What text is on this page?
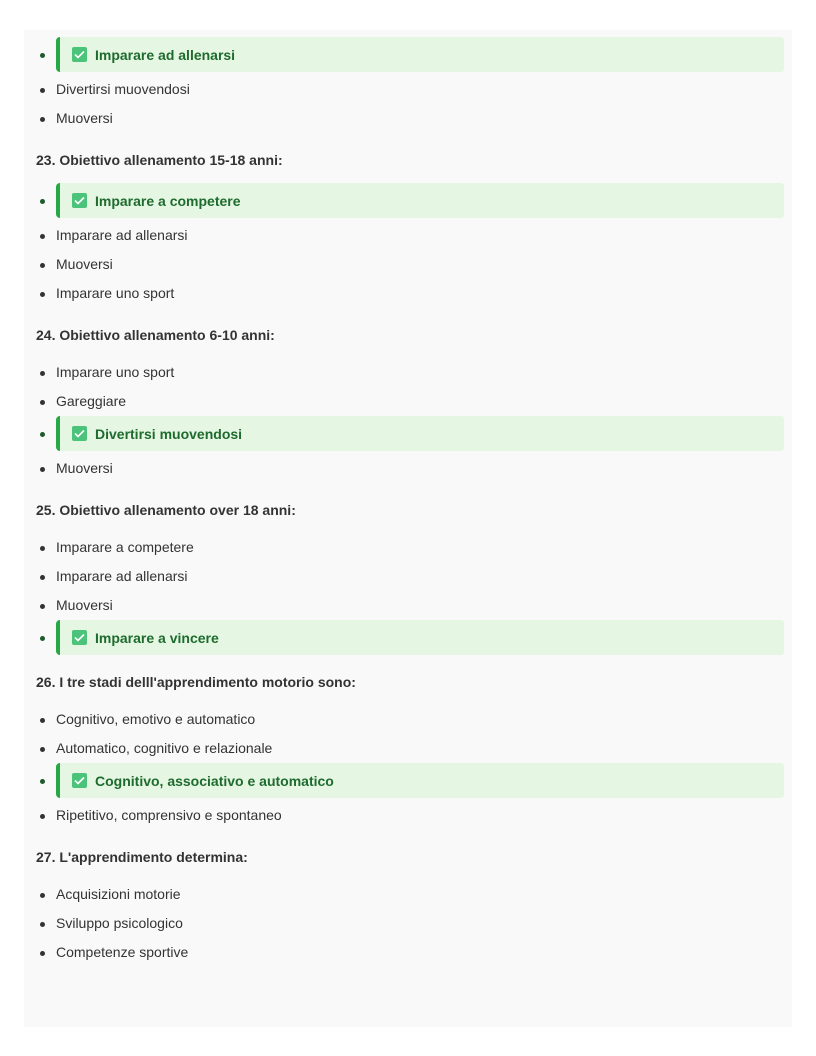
Imparare ad allenarsi
Divertirsi muovendosi
Muoversi
23. Obiettivo allenamento 15-18 anni:
Imparare a competere
Imparare ad allenarsi
Muoversi
Imparare uno sport
24. Obiettivo allenamento 6-10 anni:
Imparare uno sport
Gareggiare
Divertirsi muovendosi
Muoversi
25. Obiettivo allenamento over 18 anni:
Imparare a competere
Imparare ad allenarsi
Muoversi
Imparare a vincere
26. I tre stadi delll'apprendimento motorio sono:
Cognitivo, emotivo e automatico
Automatico, cognitivo e relazionale
Cognitivo, associativo e automatico
Ripetitivo, comprensivo e spontaneo
27. L'apprendimento determina:
Acquisizioni motorie
Sviluppo psicologico
Competenze sportive
